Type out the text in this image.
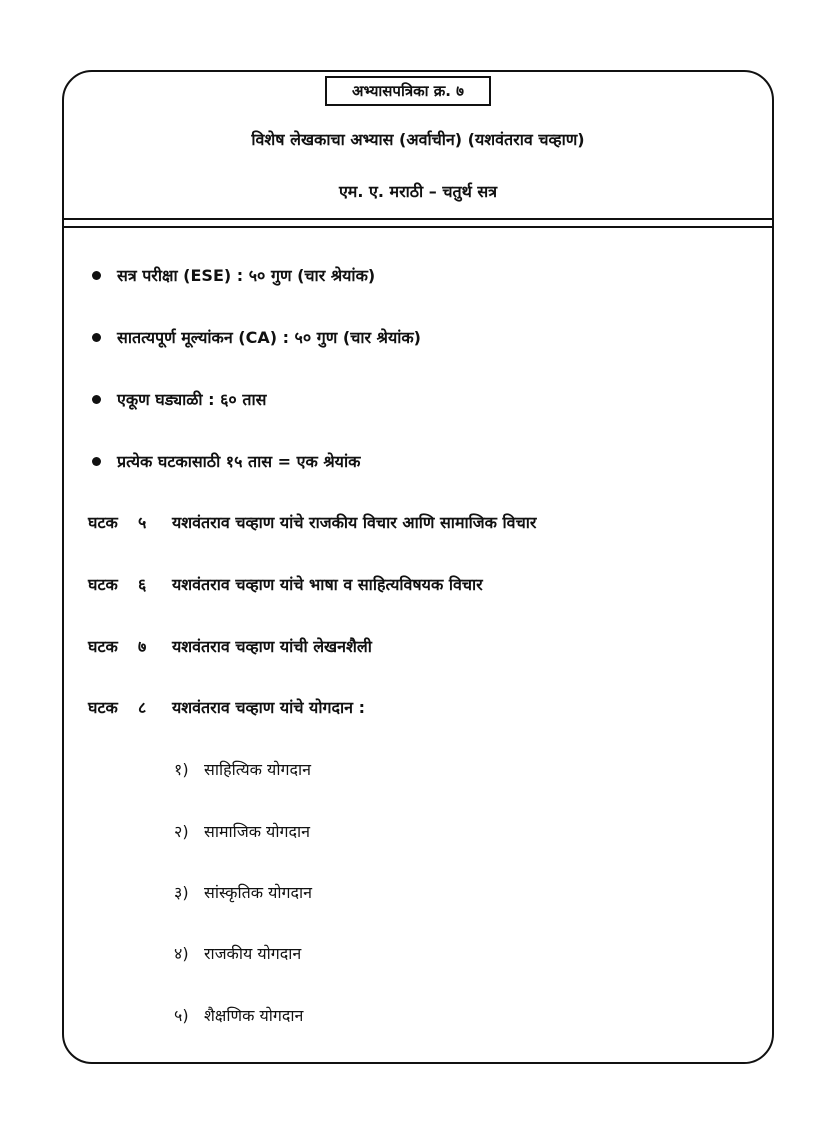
अभ्यासपत्रिका क्र. ७
विशेष लेखकाचा अभ्यास (अर्वाचीन) (यशवंतराव चव्हाण)
एम. ए. मराठी – चतुर्थ सत्र
सत्र परीक्षा (ESE) : ५० गुण (चार श्रेयांक)
सातत्यपूर्ण मूल्यांकन (CA) : ५० गुण (चार श्रेयांक)
एकूण घड्याळी : ६० तास
प्रत्येक घटकासाठी १५ तास = एक श्रेयांक
घटक	५	यशवंतराव चव्हाण यांचे राजकीय विचार आणि सामाजिक विचार
घटक	६	यशवंतराव चव्हाण यांचे भाषा व साहित्यविषयक विचार
घटक	७	यशवंतराव चव्हाण यांची लेखनशैली
घटक	८	यशवंतराव चव्हाण यांचे योगदान :
१) साहित्यिक योगदान
२) सामाजिक योगदान
३) सांस्कृतिक योगदान
४) राजकीय योगदान
५) शैक्षणिक योगदान
